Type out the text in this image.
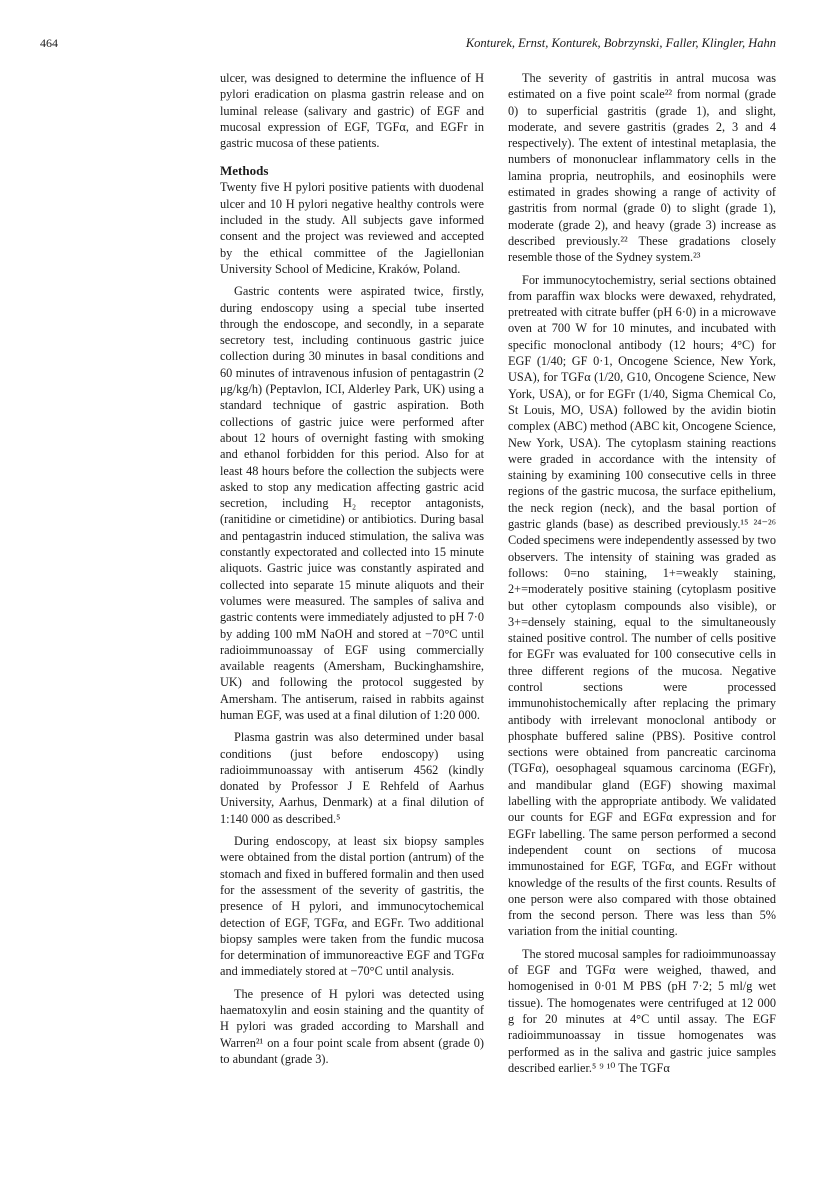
464	Konturek, Ernst, Konturek, Bobrzynski, Faller, Klingler, Hahn

ulcer, was designed to determine the influence of H pylori eradication on plasma gastrin release and on luminal release (salivary and gastric) of EGF and mucosal expression of EGF, TGFα, and EGFr in gastric mucosa of these patients.

Methods

Twenty five H pylori positive patients with duodenal ulcer and 10 H pylori negative healthy controls were included in the study. All subjects gave informed consent and the project was reviewed and accepted by the ethical committee of the Jagiellonian University School of Medicine, Kraków, Poland.

Gastric contents were aspirated twice, firstly, during endoscopy using a special tube inserted through the endoscope, and secondly, in a separate secretory test, including continuous gastric juice collection during 30 minutes in basal conditions and 60 minutes of intravenous infusion of pentagastrin (2 μg/kg/h) (Peptavlon, ICI, Alderley Park, UK) using a standard technique of gastric aspiration. Both collections of gastric juice were performed after about 12 hours of overnight fasting with smoking and ethanol forbidden for this period. Also for at least 48 hours before the collection the subjects were asked to stop any medication affecting gastric acid secretion, including H₂ receptor antagonists, (ranitidine or cimetidine) or antibiotics. During basal and pentagastrin induced stimulation, the saliva was constantly expectorated and collected into 15 minute aliquots. Gastric juice was constantly aspirated and collected into separate 15 minute aliquots and their volumes were measured. The samples of saliva and gastric contents were immediately adjusted to pH 7·0 by adding 100 mM NaOH and stored at −70°C until radioimmunoassay of EGF using commercially available reagents (Amersham, Buckinghamshire, UK) and following the protocol suggested by Amersham. The antiserum, raised in rabbits against human EGF, was used at a final dilution of 1:20 000.

Plasma gastrin was also determined under basal conditions (just before endoscopy) using radioimmunoassay with antiserum 4562 (kindly donated by Professor J E Rehfeld of Aarhus University, Aarhus, Denmark) at a final dilution of 1:140 000 as described.⁵

During endoscopy, at least six biopsy samples were obtained from the distal portion (antrum) of the stomach and fixed in buffered formalin and then used for the assessment of the severity of gastritis, the presence of H pylori, and immunocytochemical detection of EGF, TGFα, and EGFr. Two additional biopsy samples were taken from the fundic mucosa for determination of immunoreactive EGF and TGFα and immediately stored at −70°C until analysis.

The presence of H pylori was detected using haematoxylin and eosin staining and the quantity of H pylori was graded according to Marshall and Warren²¹ on a four point scale from absent (grade 0) to abundant (grade 3).

The severity of gastritis in antral mucosa was estimated on a five point scale²² from normal (grade 0) to superficial gastritis (grade 1), and slight, moderate, and severe gastritis (grades 2, 3 and 4 respectively). The extent of intestinal metaplasia, the numbers of mononuclear inflammatory cells in the lamina propria, neutrophils, and eosinophils were estimated in grades showing a range of activity of gastritis from normal (grade 0) to slight (grade 1), moderate (grade 2), and heavy (grade 3) increase as described previously.²² These gradations closely resemble those of the Sydney system.²³

For immunocytochemistry, serial sections obtained from paraffin wax blocks were dewaxed, rehydrated, pretreated with citrate buffer (pH 6·0) in a microwave oven at 700 W for 10 minutes, and incubated with specific monoclonal antibody (12 hours; 4°C) for EGF (1/40; GF 0·1, Oncogene Science, New York, USA), for TGFα (1/20, G10, Oncogene Science, New York, USA), or for EGFr (1/40, Sigma Chemical Co, St Louis, MO, USA) followed by the avidin biotin complex (ABC) method (ABC kit, Oncogene Science, New York, USA). The cytoplasm staining reactions were graded in accordance with the intensity of staining by examining 100 consecutive cells in three regions of the gastric mucosa, the surface epithelium, the neck region (neck), and the basal portion of gastric glands (base) as described previously.¹⁵ ²⁴⁻²⁶ Coded specimens were independently assessed by two observers. The intensity of staining was graded as follows: 0=no staining, 1+=weakly staining, 2+=moderately positive staining (cytoplasm positive but other cytoplasm compounds also visible), or 3+=densely staining, equal to the simultaneously stained positive control. The number of cells positive for EGFr was evaluated for 100 consecutive cells in three different regions of the mucosa. Negative control sections were processed immunohistochemically after replacing the primary antibody with irrelevant monoclonal antibody or phosphate buffered saline (PBS). Positive control sections were obtained from pancreatic carcinoma (TGFα), oesophageal squamous carcinoma (EGFr), and mandibular gland (EGF) showing maximal labelling with the appropriate antibody. We validated our counts for EGF and EGFα expression and for EGFr labelling. The same person performed a second independent count on sections of mucosa immunostained for EGF, TGFα, and EGFr without knowledge of the results of the first counts. Results of one person were also compared with those obtained from the second person. There was less than 5% variation from the initial counting.

The stored mucosal samples for radioimmunoassay of EGF and TGFα were weighed, thawed, and homogenised in 0·01 M PBS (pH 7·2; 5 ml/g wet tissue). The homogenates were centrifuged at 12 000 g for 20 minutes at 4°C until assay. The EGF radioimmunoassay in tissue homogenates was performed as in the saliva and gastric juice samples described earlier.⁵ ⁹ ¹⁰ The TGFα
